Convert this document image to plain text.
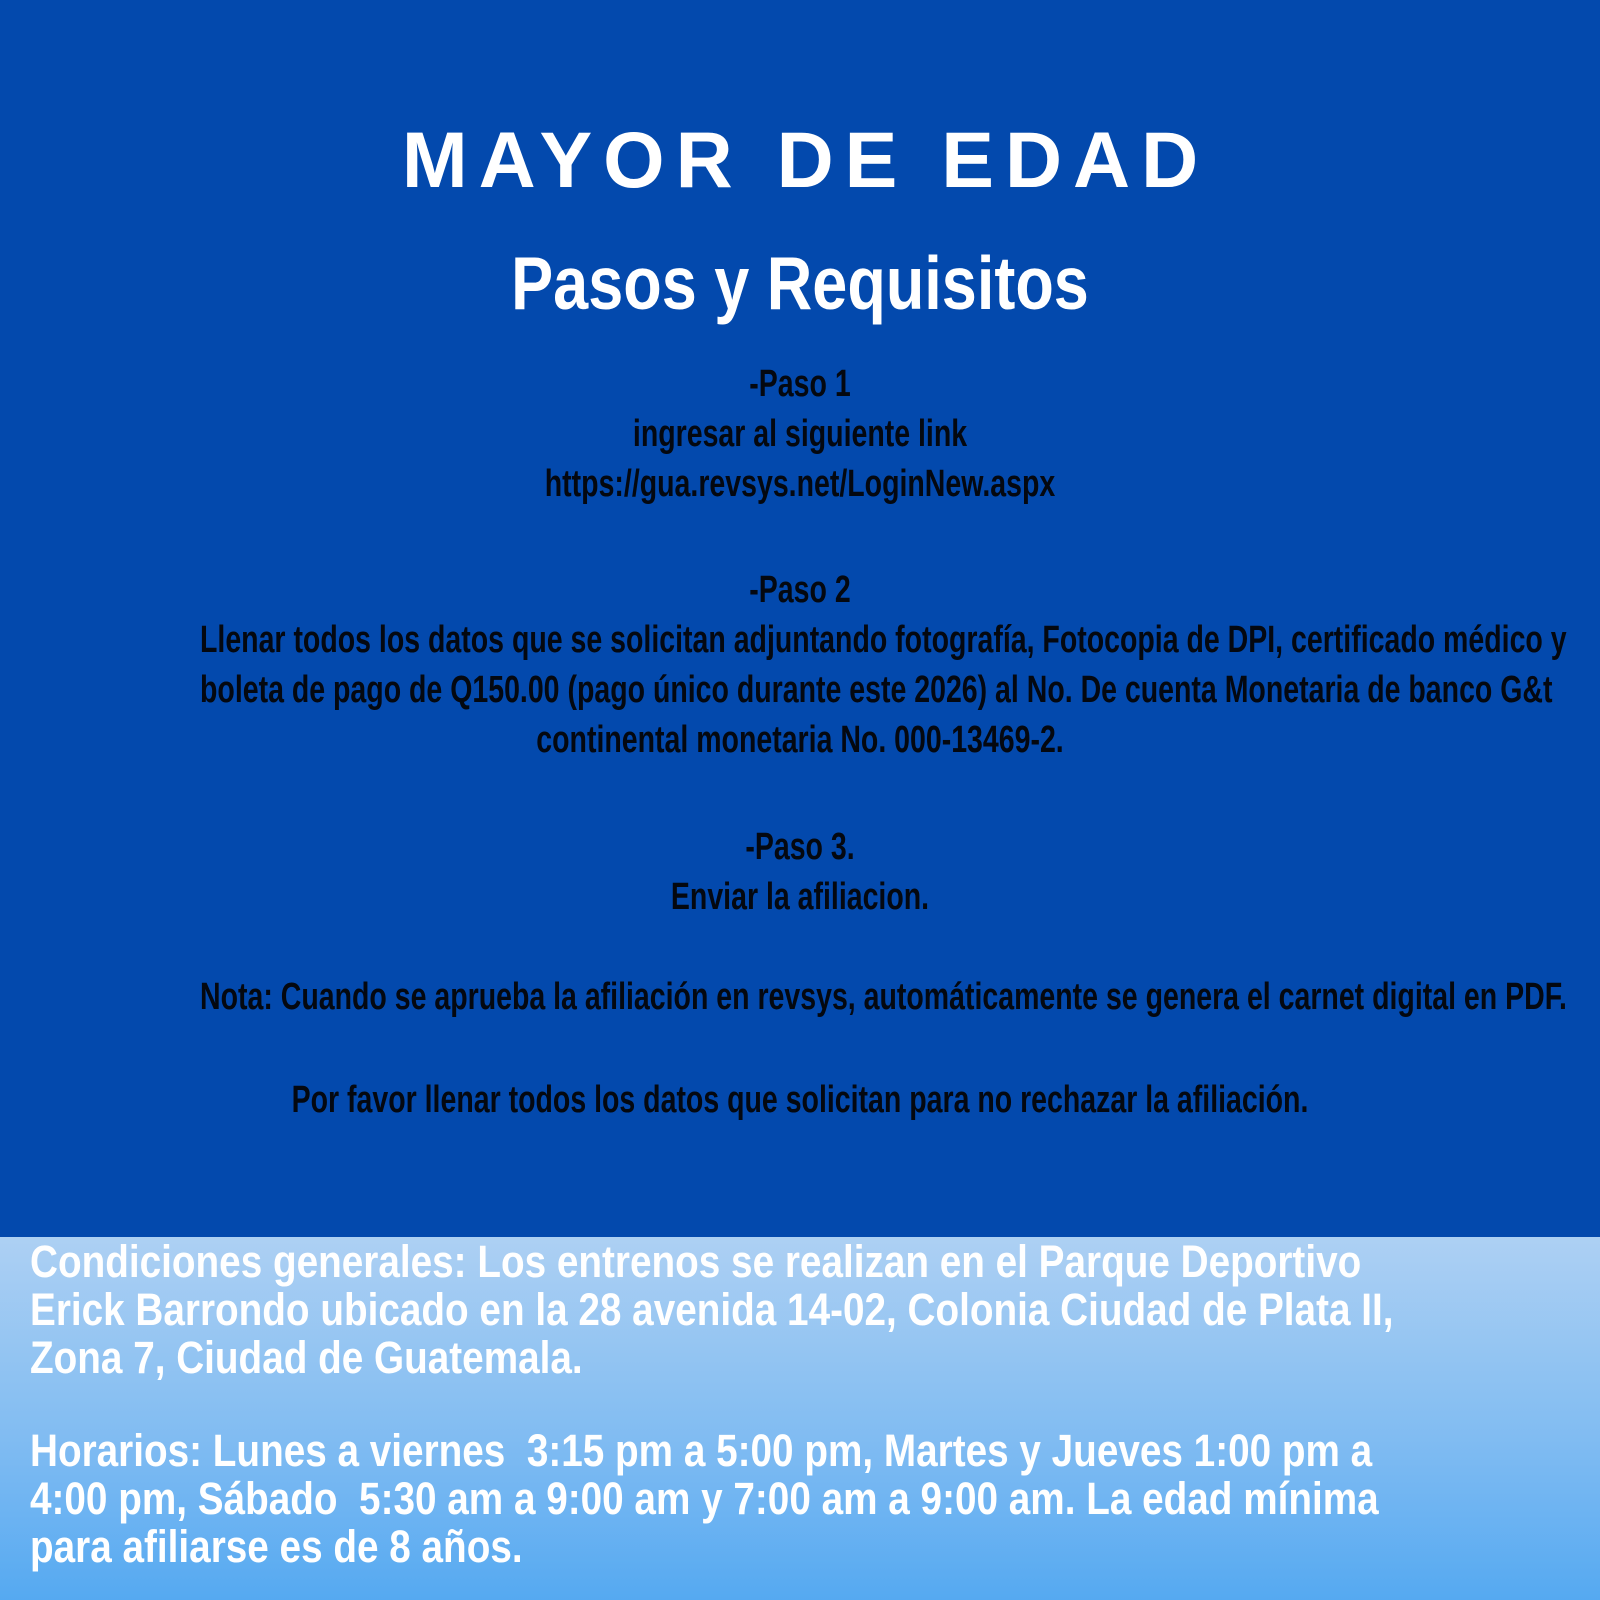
MAYOR DE EDAD
Pasos y Requisitos
-Paso 1
ingresar al siguiente link
https://gua.revsys.net/LoginNew.aspx
-Paso 2
Llenar todos los datos que se solicitan adjuntando fotografía, Fotocopia de DPI, certificado médico y
boleta de pago de Q150.00 (pago único durante este 2026) al No. De cuenta Monetaria de banco G&t
continental monetaria No. 000-13469-2.
-Paso 3.
Enviar la afiliacion.
Nota: Cuando se aprueba la afiliación en revsys, automáticamente se genera el carnet digital en PDF.
Por favor llenar todos los datos que solicitan para no rechazar la afiliación.
Condiciones generales: Los entrenos se realizan en el Parque Deportivo
Erick Barrondo ubicado en la 28 avenida 14-02, Colonia Ciudad de Plata II,
Zona 7, Ciudad de Guatemala.
Horarios: Lunes a viernes  3:15 pm a 5:00 pm, Martes y Jueves 1:00 pm a
4:00 pm, Sábado  5:30 am a 9:00 am y 7:00 am a 9:00 am. La edad mínima
para afiliarse es de 8 años.
